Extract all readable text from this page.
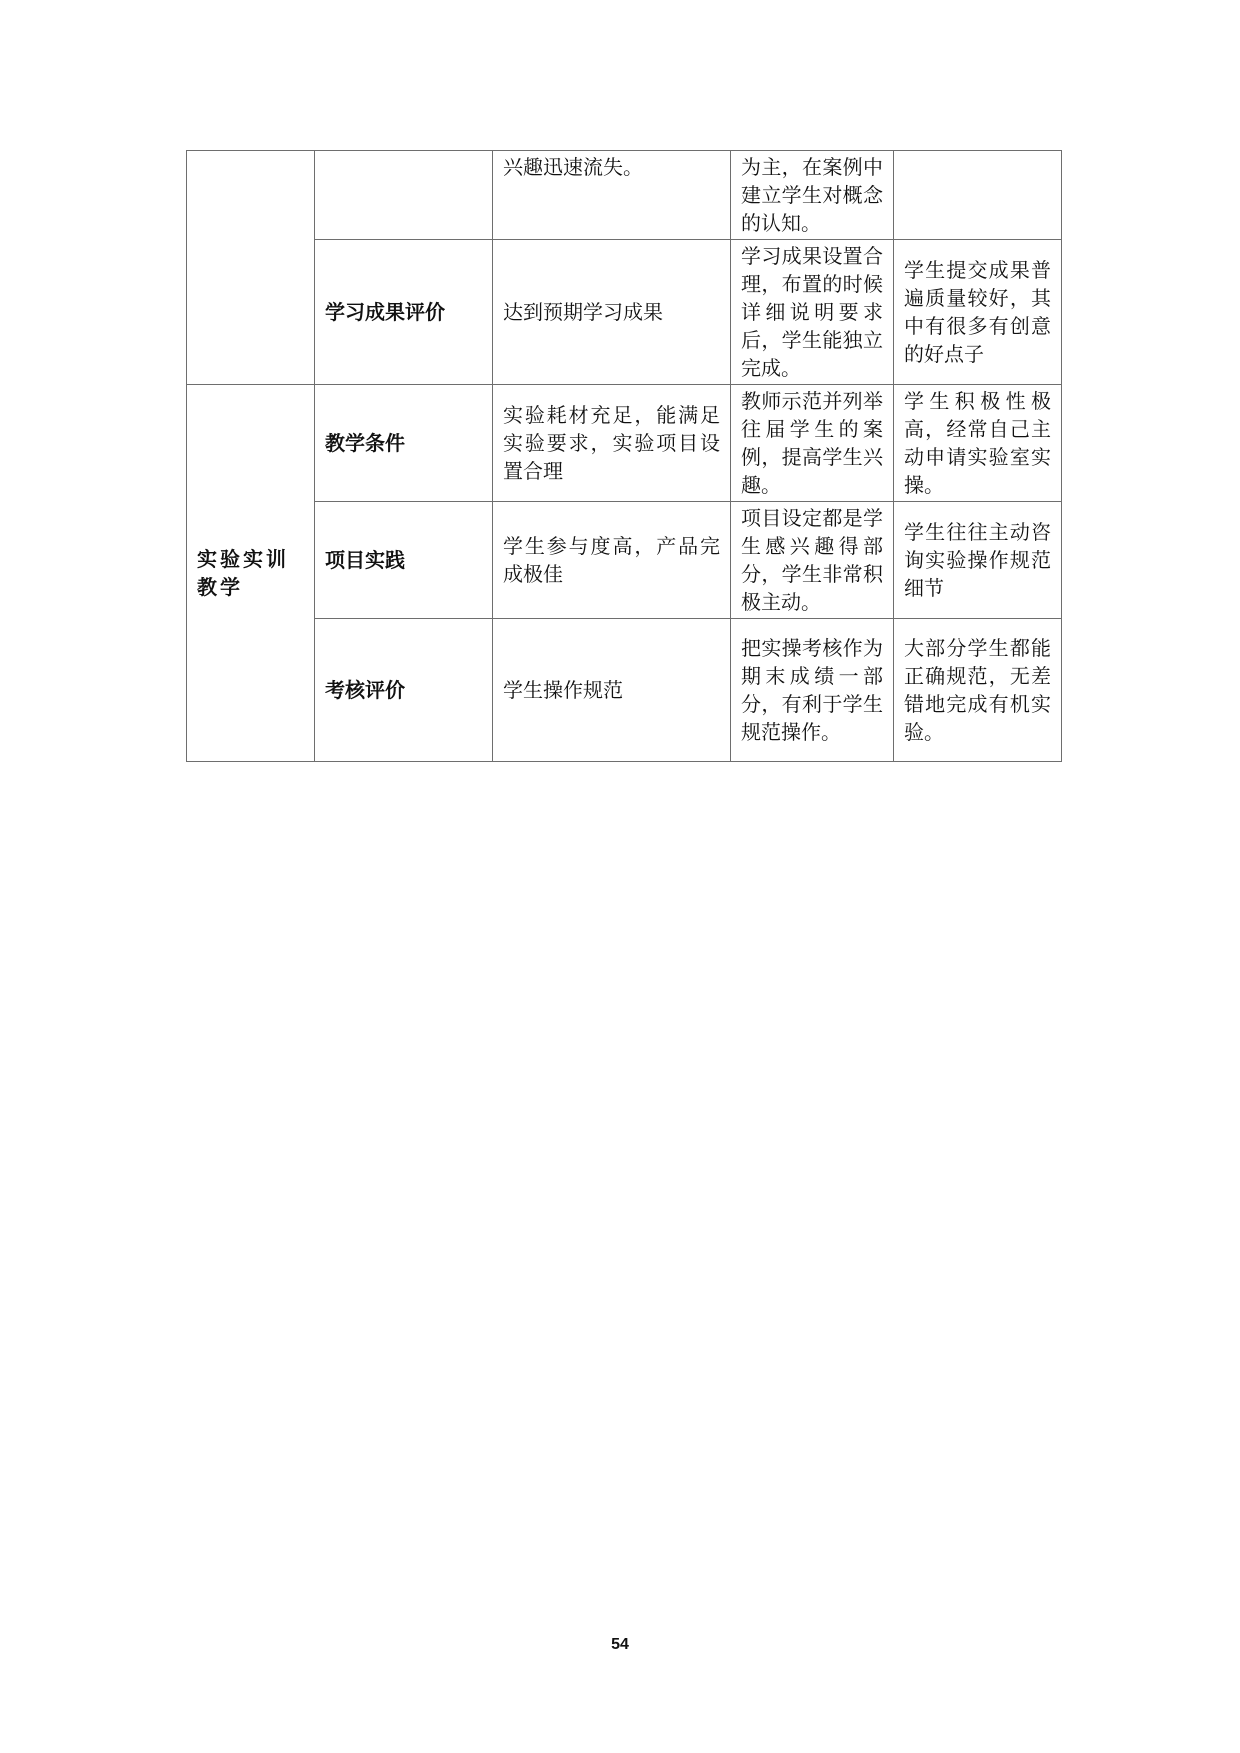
		兴趣迅速流失。	为主，在案例中建立学生对概念的认知。	
	学习成果评价	达到预期学习成果	学习成果设置合理，布置的时候详细说明要求后，学生能独立完成。	学生提交成果普遍质量较好，其中有很多有创意的好点子
实验实训教学	教学条件	实验耗材充足，能满足实验要求，实验项目设置合理	教师示范并列举往届学生的案例，提高学生兴趣。	学生积极性极高，经常自己主动申请实验室实操。
	项目实践	学生参与度高，产品完成极佳	项目设定都是学生感兴趣得部分，学生非常积极主动。	学生往往主动咨询实验操作规范细节
	考核评价	学生操作规范	把实操考核作为期末成绩一部分，有利于学生规范操作。	大部分学生都能正确规范，无差错地完成有机实验。
54
